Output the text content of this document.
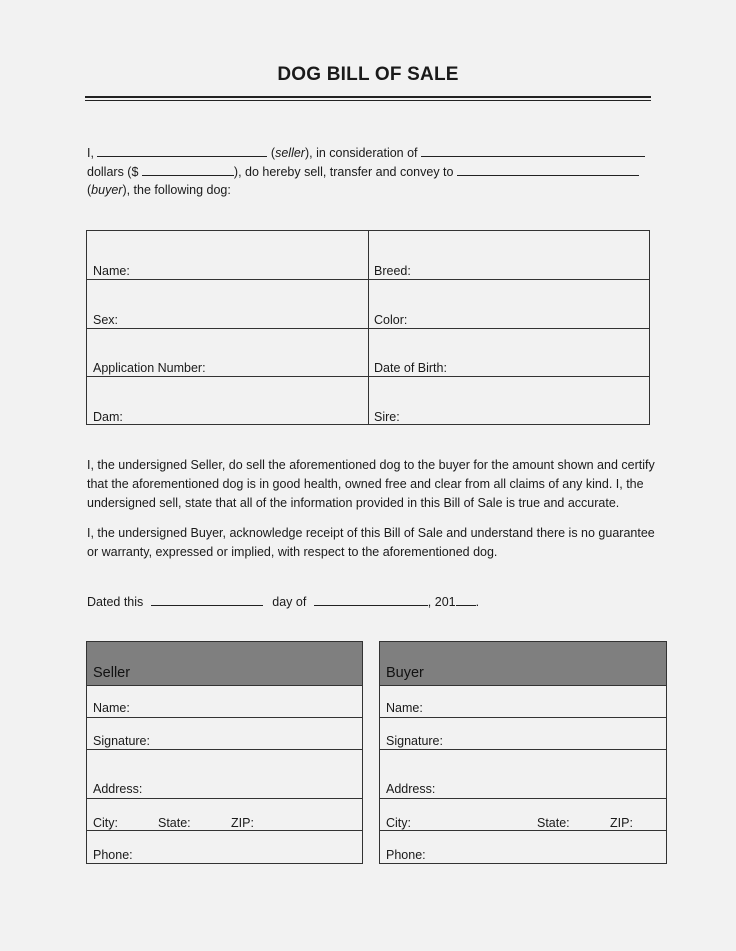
DOG BILL OF SALE
I,	(seller), in consideration of
dollars ($	), do hereby sell, transfer and convey to
(buyer), the following dog:
Name:	Breed:
Sex:	Color:
Application Number:	Date of Birth:
Dam:	Sire:
I, the undersigned Seller, do sell the aforementioned dog to the buyer for the amount shown and certify
that the aforementioned dog is in good health, owned free and clear from all claims of any kind. I, the
undersigned sell, state that all of the information provided in this Bill of Sale is true and accurate.
I, the undersigned Buyer, acknowledge receipt of this Bill of Sale and understand there is no guarantee
or warranty, expressed or implied, with respect to the aforementioned dog.
Dated this	day of	, 201 .
Seller
Name:
Signature:
Address:
City:	State:	ZIP:
Phone:
Buyer
Name:
Signature:
Address:
City:	State:	ZIP:
Phone:
